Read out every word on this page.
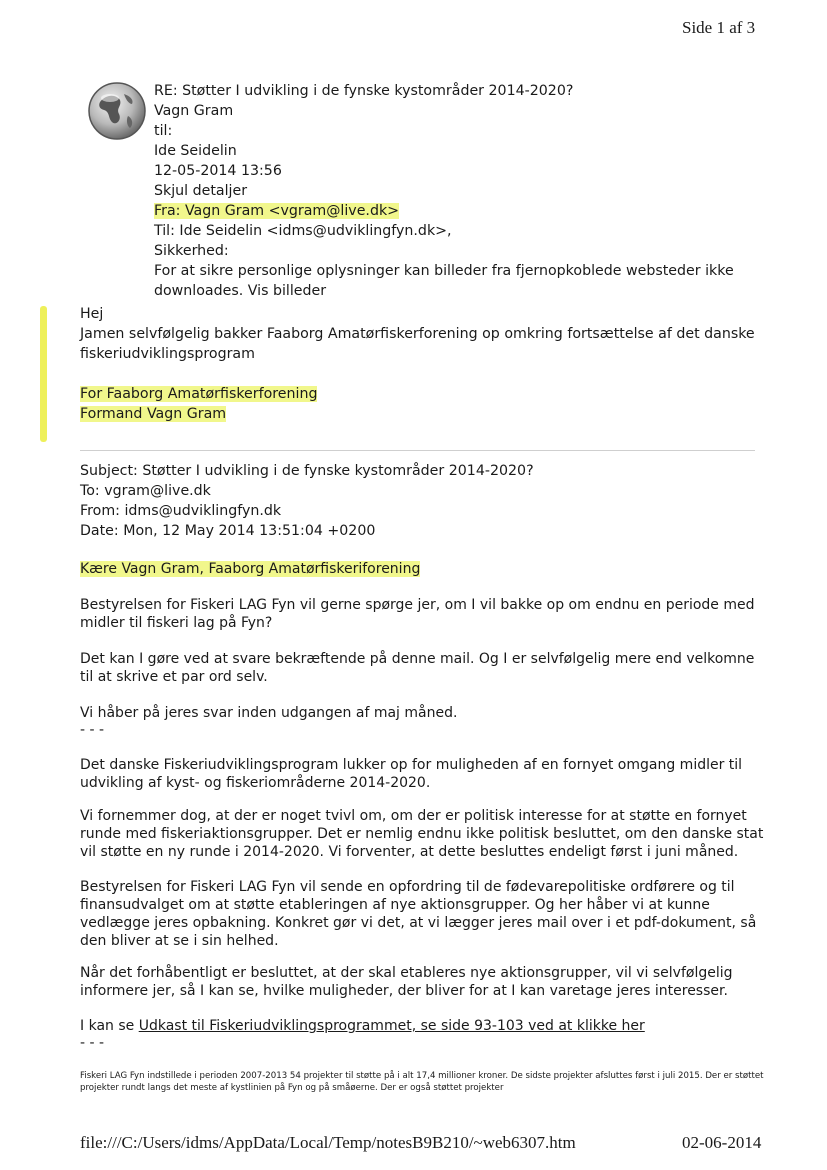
Side 1 af 3
RE: Støtter I udvikling i de fynske kystområder 2014-2020?
Vagn Gram
til:
Ide Seidelin
12-05-2014 13:56
Skjul detaljer
Fra: Vagn Gram <vgram@live.dk>
Til: Ide Seidelin <idms@udviklingfyn.dk>,
Sikkerhed:
For at sikre personlige oplysninger kan billeder fra fjernopkoblede websteder ikke
downloades. Vis billeder
Hej
Jamen selvfølgelig bakker Faaborg Amatørfiskerforening op omkring fortsættelse af det danske
fiskeriudviklingsprogram
For Faaborg Amatørfiskerforening
Formand Vagn Gram
Subject: Støtter I udvikling i de fynske kystområder 2014-2020?
To: vgram@live.dk
From: idms@udviklingfyn.dk
Date: Mon, 12 May 2014 13:51:04 +0200
Kære Vagn Gram, Faaborg Amatørfiskeriforening
Bestyrelsen for Fiskeri LAG Fyn vil gerne spørge jer, om I vil bakke op om endnu en periode med midler til fiskeri lag på Fyn?
Det kan I gøre ved at svare bekræftende på denne mail. Og I er selvfølgelig mere end velkomne til at skrive et par ord selv.
Vi håber på jeres svar inden udgangen af maj måned.
- - -
Det danske Fiskeriudviklingsprogram lukker op for muligheden af en fornyet omgang midler til udvikling af kyst- og fiskeriområderne 2014-2020.
Vi fornemmer dog, at der er noget tvivl om, om der er politisk interesse for at støtte en fornyet runde med fiskeriaktionsgrupper. Det er nemlig endnu ikke politisk besluttet, om den danske stat vil støtte en ny runde i 2014-2020. Vi forventer, at dette besluttes endeligt først i juni måned.
Bestyrelsen for Fiskeri LAG Fyn vil sende en opfordring til de fødevarepolitiske ordførere og til finansudvalget om at støtte etableringen af nye aktionsgrupper. Og her håber vi at kunne vedlægge jeres opbakning. Konkret gør vi det, at vi lægger jeres mail over i et pdf-dokument, så den bliver at se i sin helhed.
Når det forhåbentligt er besluttet, at der skal etableres nye aktionsgrupper, vil vi selvfølgelig informere jer, så I kan se, hvilke muligheder, der bliver for at I kan varetage jeres interesser.
I kan se Udkast til Fiskeriudviklingsprogrammet, se side 93-103 ved at klikke her
- - -
Fiskeri LAG Fyn indstillede i perioden 2007-2013 54 projekter til støtte på i alt 17,4 millioner kroner. De sidste projekter afsluttes først i juli 2015. Der er støttet projekter rundt langs det meste af kystlinien på Fyn og på småøerne. Der er også støttet projekter
file:///C:/Users/idms/AppData/Local/Temp/notesB9B210/~web6307.htm	02-06-2014
